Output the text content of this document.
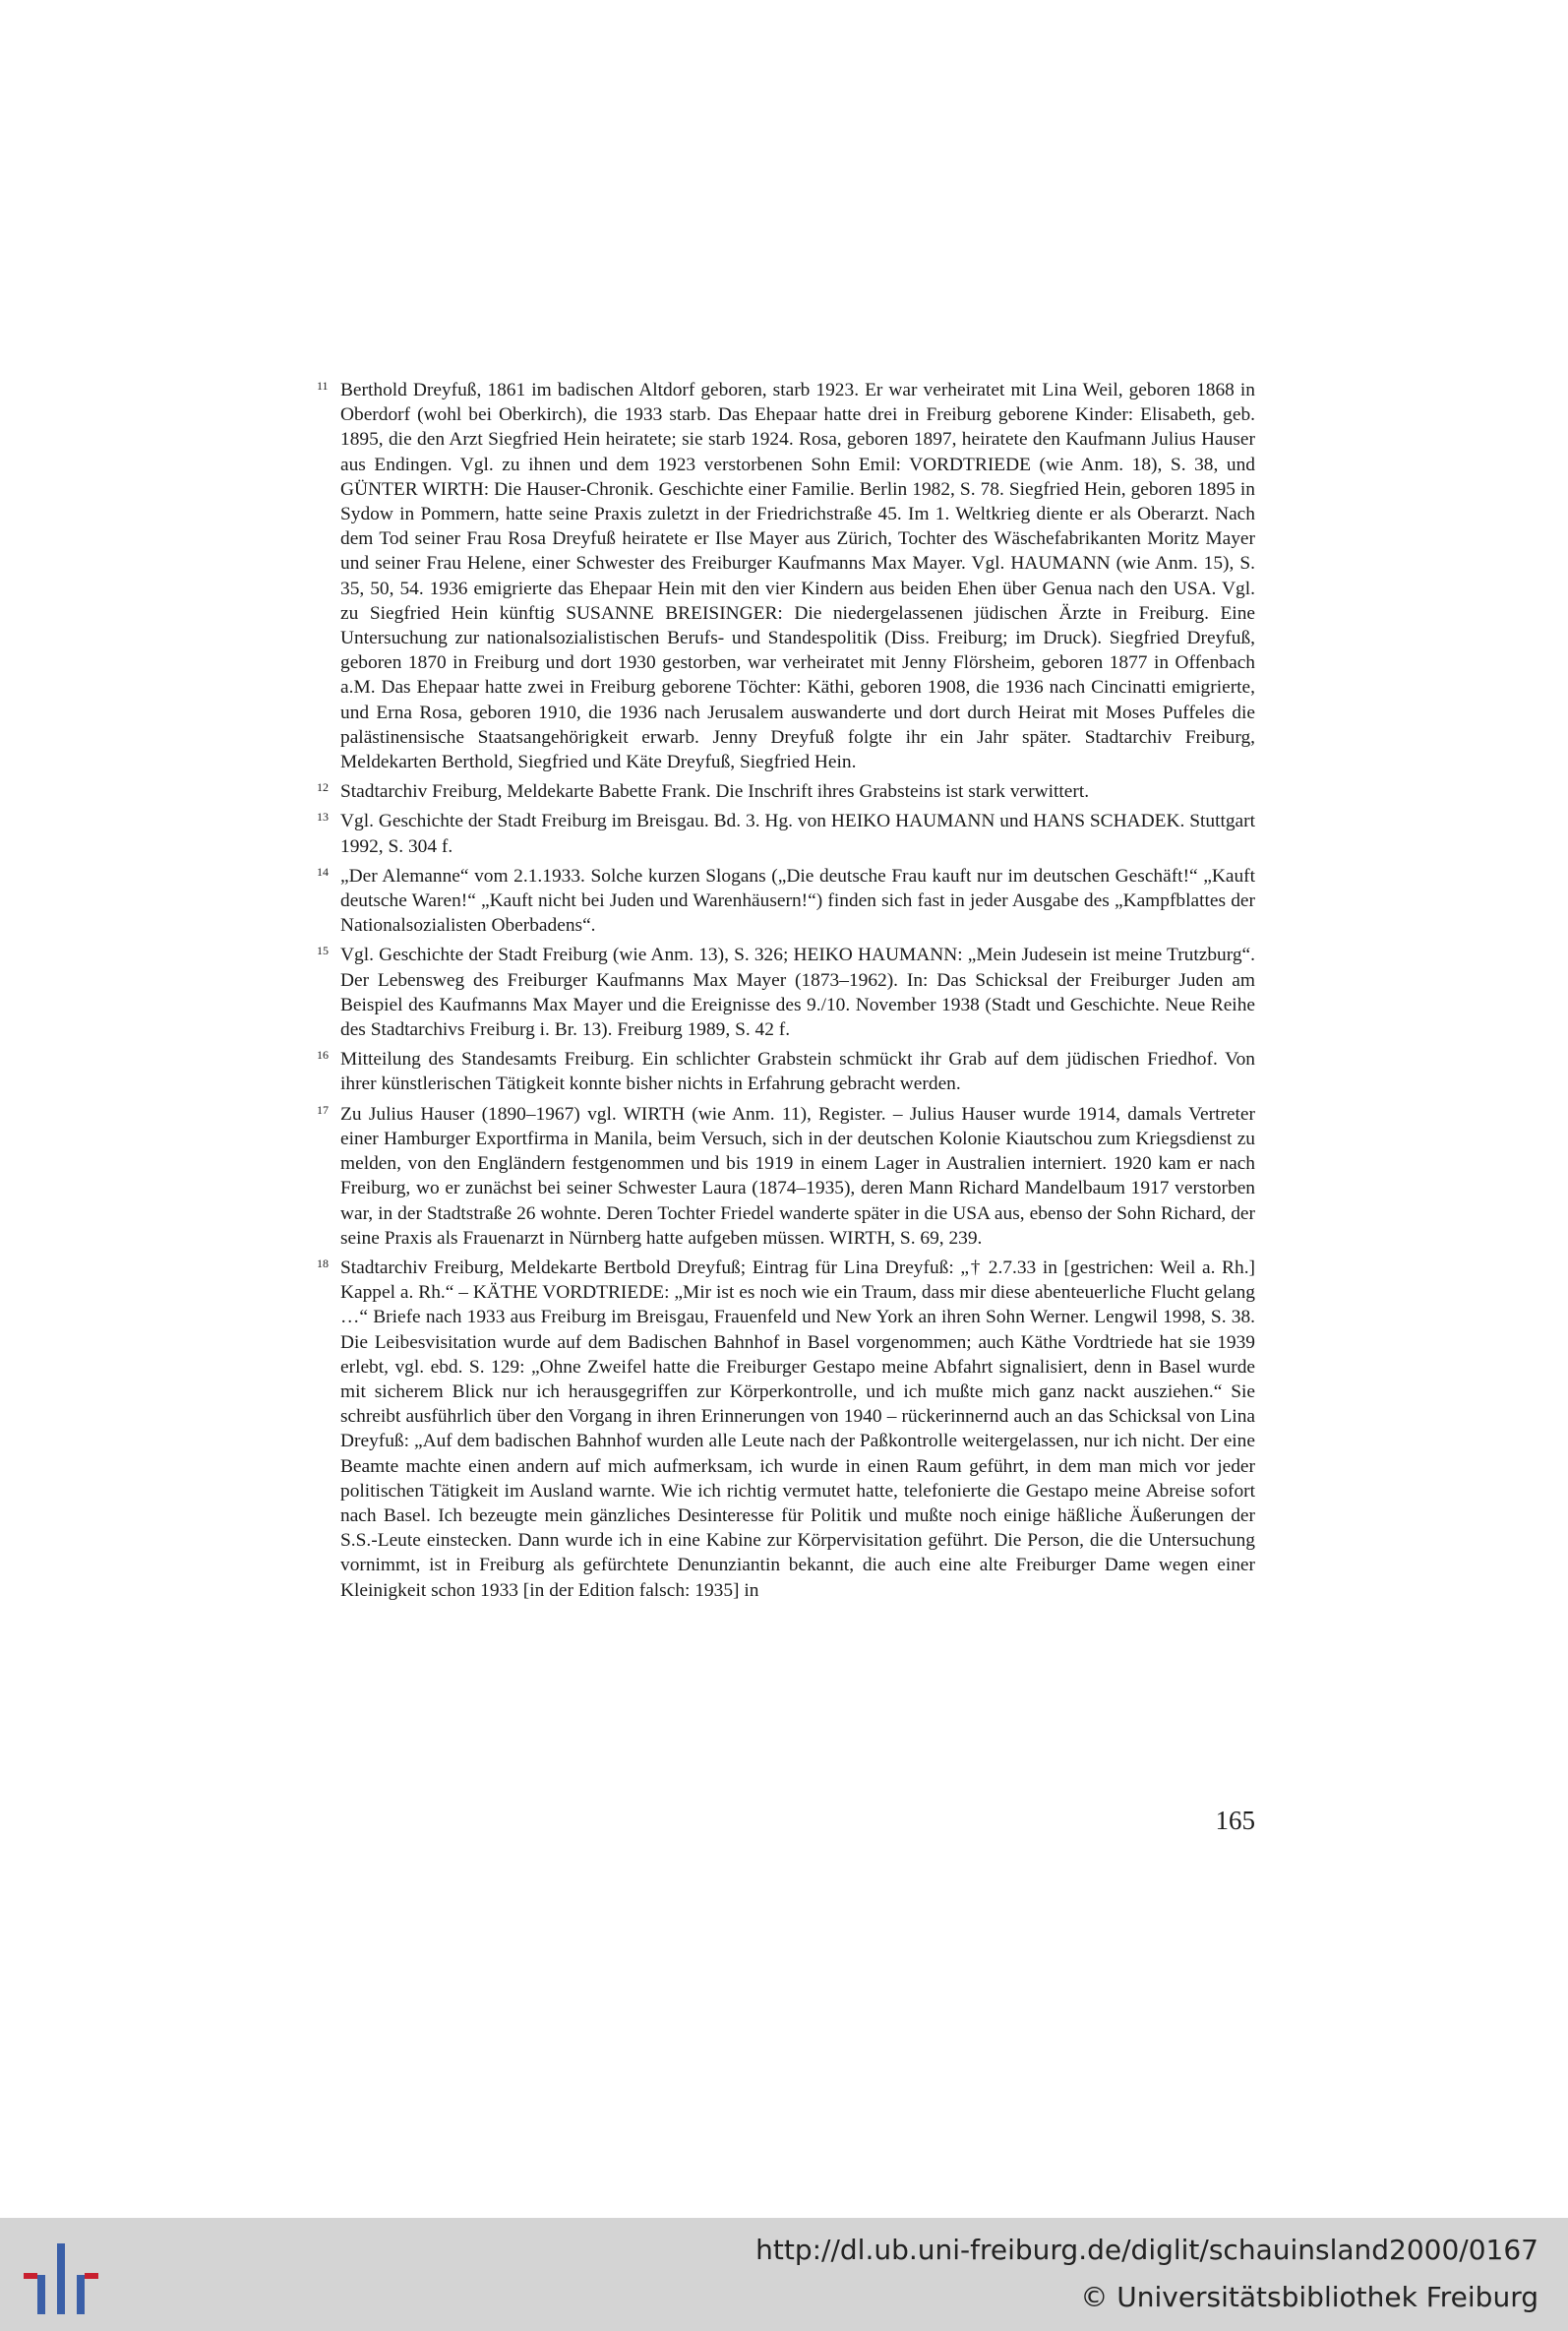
11 Berthold Dreyfuß, 1861 im badischen Altdorf geboren, starb 1923. Er war verheiratet mit Lina Weil, geboren 1868 in Oberdorf (wohl bei Oberkirch), die 1933 starb. Das Ehepaar hatte drei in Freiburg geborene Kinder: Elisabeth, geb. 1895, die den Arzt Siegfried Hein heiratete; sie starb 1924. Rosa, geboren 1897, heiratete den Kaufmann Julius Hauser aus Endingen. Vgl. zu ihnen und dem 1923 verstorbenen Sohn Emil: VORDTRIEDE (wie Anm. 18), S. 38, und GÜNTER WIRTH: Die Hauser-Chronik. Geschichte einer Familie. Berlin 1982, S. 78. Siegfried Hein, geboren 1895 in Sydow in Pommern, hatte seine Praxis zuletzt in der Friedrichstraße 45. Im 1. Weltkrieg diente er als Oberarzt. Nach dem Tod seiner Frau Rosa Dreyfuß heiratete er Ilse Mayer aus Zürich, Tochter des Wäschefabrikanten Moritz Mayer und seiner Frau Helene, einer Schwester des Freiburger Kaufmanns Max Mayer. Vgl. HAUMANN (wie Anm. 15), S. 35, 50, 54. 1936 emigrierte das Ehepaar Hein mit den vier Kindern aus beiden Ehen über Genua nach den USA. Vgl. zu Siegfried Hein künftig SUSANNE BREISINGER: Die niedergelassenen jüdischen Ärzte in Freiburg. Eine Untersuchung zur nationalsozialistischen Berufs- und Standespolitik (Diss. Freiburg; im Druck). Siegfried Dreyfuß, geboren 1870 in Freiburg und dort 1930 gestorben, war verheiratet mit Jenny Flörsheim, geboren 1877 in Offenbach a.M. Das Ehepaar hatte zwei in Freiburg geborene Töchter: Käthi, geboren 1908, die 1936 nach Cincinatti emigrierte, und Erna Rosa, geboren 1910, die 1936 nach Jerusalem auswanderte und dort durch Heirat mit Moses Puffeles die palästinensische Staatsangehörigkeit erwarb. Jenny Dreyfuß folgte ihr ein Jahr später. Stadtarchiv Freiburg, Meldekarten Berthold, Siegfried und Käte Dreyfuß, Siegfried Hein.
12 Stadtarchiv Freiburg, Meldekarte Babette Frank. Die Inschrift ihres Grabsteins ist stark verwittert.
13 Vgl. Geschichte der Stadt Freiburg im Breisgau. Bd. 3. Hg. von HEIKO HAUMANN und HANS SCHADEK. Stuttgart 1992, S. 304 f.
14 „Der Alemanne“ vom 2.1.1933. Solche kurzen Slogans („Die deutsche Frau kauft nur im deutschen Geschäft!“ „Kauft deutsche Waren!“ „Kauft nicht bei Juden und Warenhäusern!“) finden sich fast in jeder Ausgabe des „Kampfblattes der Nationalsozialisten Oberbadens“.
15 Vgl. Geschichte der Stadt Freiburg (wie Anm. 13), S. 326; HEIKO HAUMANN: „Mein Judesein ist meine Trutzburg“. Der Lebensweg des Freiburger Kaufmanns Max Mayer (1873–1962). In: Das Schicksal der Freiburger Juden am Beispiel des Kaufmanns Max Mayer und die Ereignisse des 9./10. November 1938 (Stadt und Geschichte. Neue Reihe des Stadtarchivs Freiburg i. Br. 13). Freiburg 1989, S. 42 f.
16 Mitteilung des Standesamts Freiburg. Ein schlichter Grabstein schmückt ihr Grab auf dem jüdischen Friedhof. Von ihrer künstlerischen Tätigkeit konnte bisher nichts in Erfahrung gebracht werden.
17 Zu Julius Hauser (1890–1967) vgl. WIRTH (wie Anm. 11), Register. – Julius Hauser wurde 1914, damals Vertreter einer Hamburger Exportfirma in Manila, beim Versuch, sich in der deutschen Kolonie Kiautschou zum Kriegsdienst zu melden, von den Engländern festgenommen und bis 1919 in einem Lager in Australien interniert. 1920 kam er nach Freiburg, wo er zunächst bei seiner Schwester Laura (1874–1935), deren Mann Richard Mandelbaum 1917 verstorben war, in der Stadtstraße 26 wohnte. Deren Tochter Friedel wanderte später in die USA aus, ebenso der Sohn Richard, der seine Praxis als Frauenarzt in Nürnberg hatte aufgeben müssen. WIRTH, S. 69, 239.
18 Stadtarchiv Freiburg, Meldekarte Bertbold Dreyfuß; Eintrag für Lina Dreyfuß: „† 2.7.33 in [gestrichen: Weil a. Rh.] Kappel a. Rh.“ – KÄTHE VORDTRIEDE: „Mir ist es noch wie ein Traum, dass mir diese abenteuerliche Flucht gelang …“ Briefe nach 1933 aus Freiburg im Breisgau, Frauenfeld und New York an ihren Sohn Werner. Lengwil 1998, S. 38. Die Leibesvisitation wurde auf dem Badischen Bahnhof in Basel vorgenommen; auch Käthe Vordtriede hat sie 1939 erlebt, vgl. ebd. S. 129: „Ohne Zweifel hatte die Freiburger Gestapo meine Abfahrt signalisiert, denn in Basel wurde mit sicherem Blick nur ich herausgegriffen zur Körperkontrolle, und ich mußte mich ganz nackt ausziehen.“ Sie schreibt ausführlich über den Vorgang in ihren Erinnerungen von 1940 – rückerinnernd auch an das Schicksal von Lina Dreyfuß: „Auf dem badischen Bahnhof wurden alle Leute nach der Paßkontrolle weitergelassen, nur ich nicht. Der eine Beamte machte einen andern auf mich aufmerksam, ich wurde in einen Raum geführt, in dem man mich vor jeder politischen Tätigkeit im Ausland warnte. Wie ich richtig vermutet hatte, telefonierte die Gestapo meine Abreise sofort nach Basel. Ich bezeugte mein gänzliches Desinteresse für Politik und mußte noch einige häßliche Äußerungen der S.S.-Leute einstecken. Dann wurde ich in eine Kabine zur Körpervisitation geführt. Die Person, die die Untersuchung vornimmt, ist in Freiburg als gefürchtete Denunziantin bekannt, die auch eine alte Freiburger Dame wegen einer Kleinigkeit schon 1933 [in der Edition falsch: 1935] in
165
http://dl.ub.uni-freiburg.de/diglit/schauinsland2000/0167
© Universitätsbibliothek Freiburg
